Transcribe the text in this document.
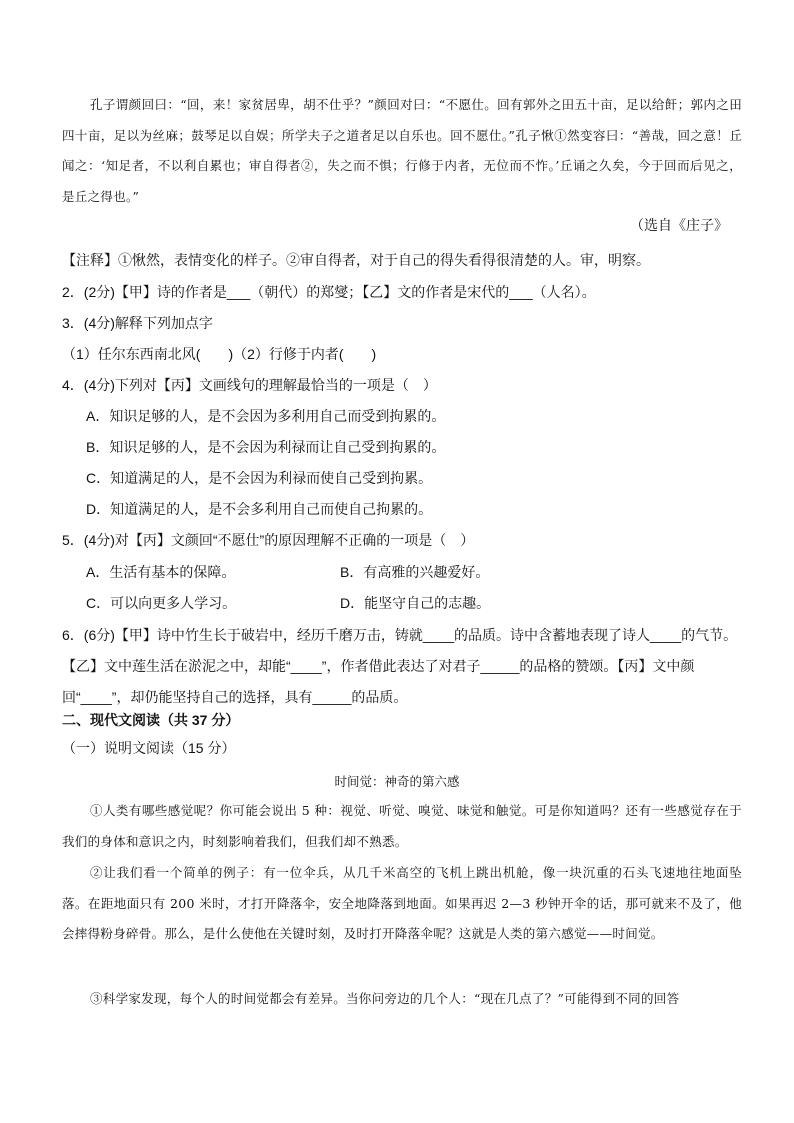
孔子谓颜回曰：“回，来！家贫居卑，胡不仕乎？”颜回对曰：“不愿仕。回有郭外之田五十亩，足以给飦；郭内之田四十亩，足以为丝麻；鼓琴足以自娱；所学夫子之道者足以自乐也。回不愿仕。”孔子愀①然变容曰：“善哉，回之意！丘闻之：‘知足者，不以利自累也；审自得者②，失之而不惧；行修于内者，无位而不怍。’丘诵之久矣，今于回而后见之，是丘之得也。”
（选自《庄子》
【注释】①愀然，表情变化的样子。②审自得者，对于自己的得失看得很清楚的人。审，明察。
2．(2分)【甲】诗的作者是___（朝代）的郑燮；【乙】文的作者是宋代的___（人名）。
3．(4分)解释下列加点字
（1）任尔东西南北风(　　)（2）行修于内者(　　)
4．(4分)下列对【丙】文画线句的理解最恰当的一项是（　）
A．知识足够的人，是不会因为多利用自己而受到拘累的。
B．知识足够的人，是不会因为利禄而让自己受到拘累的。
C．知道满足的人，是不会因为利禄而使自己受到拘累。
D．知道满足的人，是不会多利用自己而使自己拘累的。
5．(4分)对【丙】文颜回“不愿仕”的原因理解不正确的一项是（　）
A．生活有基本的保障。	B．有高雅的兴趣爱好。
C．可以向更多人学习。	D．能坚守自己的志趣。
6．(6分)【甲】诗中竹生长于破岩中，经历千磨万击，铸就____的品质。诗中含蓄地表现了诗人____的气节。【乙】文中莲生活在淤泥之中，却能“____”，作者借此表达了对君子_____的品格的赞颂。【丙】文中颜回“____”，却仍能坚持自己的选择，具有_____的品质。
二、现代文阅读（共 37 分）
（一）说明文阅读（15 分）
时间觉：神奇的第六感
①人类有哪些感觉呢？你可能会说出 5 种：视觉、听觉、嗅觉、味觉和触觉。可是你知道吗？还有一些感觉存在于我们的身体和意识之内，时刻影响着我们，但我们却不熟悉。
②让我们看一个简单的例子：有一位伞兵，从几千米高空的飞机上跳出机舱，像一块沉重的石头飞速地往地面坠落。在距地面只有 200 米时，才打开降落伞，安全地降落到地面。如果再迟 2—3 秒钟开伞的话，那可就来不及了，他会摔得粉身碎骨。那么，是什么使他在关键时刻，及时打开降落伞呢？这就是人类的第六感觉——时间觉。
③科学家发现，每个人的时间觉都会有差异。当你问旁边的几个人：“现在几点了？”可能得到不同的回答
